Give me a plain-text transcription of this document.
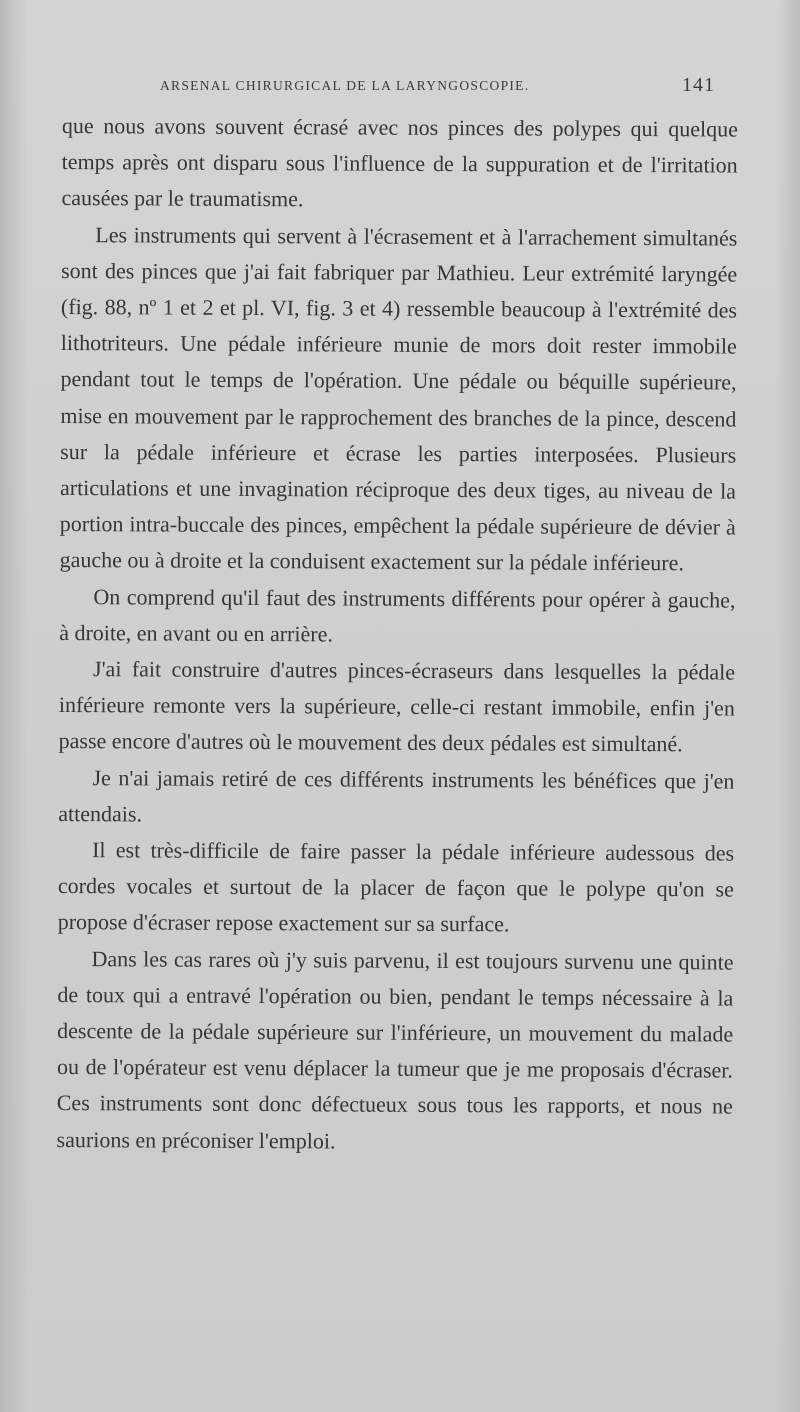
ARSENAL CHIRURGICAL DE LA LARYNGOSCOPIE.	141

que nous avons souvent écrasé avec nos pinces des polypes qui quelque temps après ont disparu sous l'influence de la suppuration et de l'irritation causées par le traumatisme.

Les instruments qui servent à l'écrasement et à l'arrachement simultanés sont des pinces que j'ai fait fabriquer par Mathieu. Leur extrémité laryngée (fig. 88, nº 1 et 2 et pl. VI, fig. 3 et 4) ressemble beaucoup à l'extrémité des lithotriteurs. Une pédale inférieure munie de mors doit rester immobile pendant tout le temps de l'opération. Une pédale ou béquille supérieure, mise en mouvement par le rapprochement des branches de la pince, descend sur la pédale inférieure et écrase les parties interposées. Plusieurs articulations et une invagination réciproque des deux tiges, au niveau de la portion intra-buccale des pinces, empêchent la pédale supérieure de dévier à gauche ou à droite et la conduisent exactement sur la pédale inférieure.

On comprend qu'il faut des instruments différents pour opérer à gauche, à droite, en avant ou en arrière.

J'ai fait construire d'autres pinces-écraseurs dans lesquelles la pédale inférieure remonte vers la supérieure, celle-ci restant immobile, enfin j'en passe encore d'autres où le mouvement des deux pédales est simultané.

Je n'ai jamais retiré de ces différents instruments les bénéfices que j'en attendais.

Il est très-difficile de faire passer la pédale inférieure audessous des cordes vocales et surtout de la placer de façon que le polype qu'on se propose d'écraser repose exactement sur sa surface.

Dans les cas rares où j'y suis parvenu, il est toujours survenu une quinte de toux qui a entravé l'opération ou bien, pendant le temps nécessaire à la descente de la pédale supérieure sur l'inférieure, un mouvement du malade ou de l'opérateur est venu déplacer la tumeur que je me proposais d'écraser. Ces instruments sont donc défectueux sous tous les rapports, et nous ne saurions en préconiser l'emploi.
